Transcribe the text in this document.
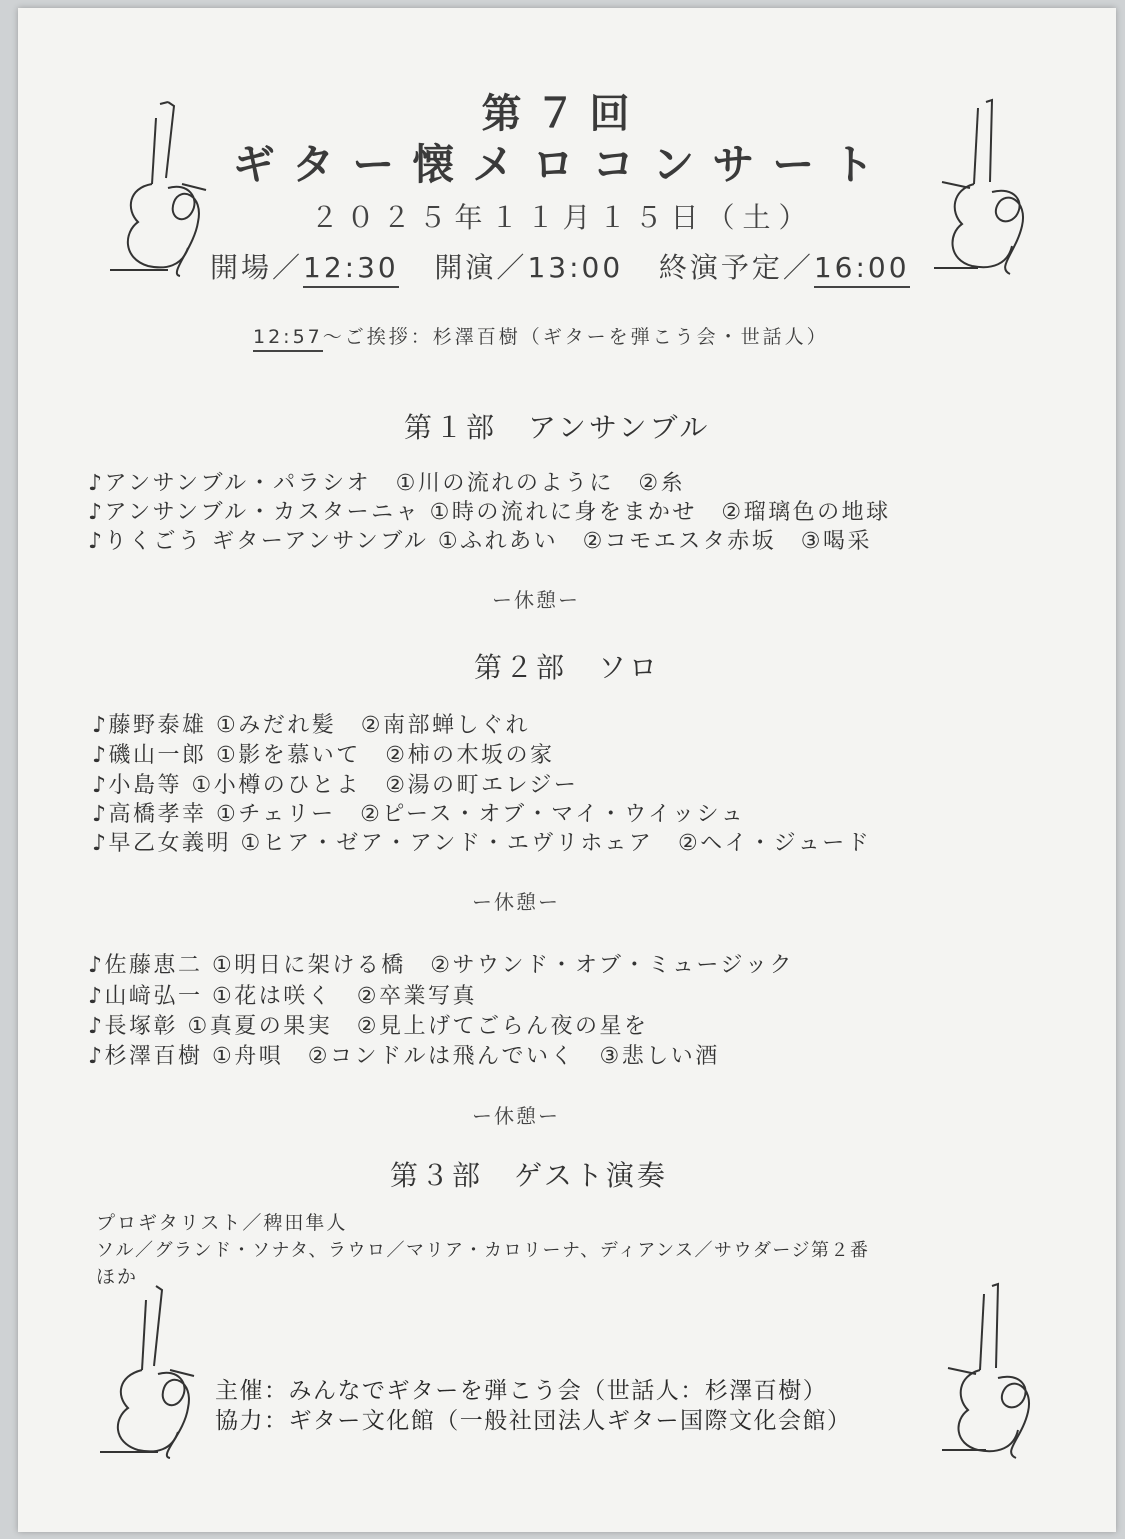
第７回
ギター懐メロコンサート
２０２５年１１月１５日（土）
開場／12:30 開演／13:00 終演予定／16:00
12:57～ご挨拶：杉澤百樹（ギターを弾こう会・世話人）
第１部　アンサンブル
♪アンサンブル・パラシオ　①川の流れのように　②糸
♪アンサンブル・カスターニャ ①時の流れに身をまかせ　②瑠璃色の地球
♪りくごう ギターアンサンブル ①ふれあい　②コモエスタ赤坂　③喝采
ー休憩ー
第２部　ソロ
♪藤野泰雄 ①みだれ髪　②南部蝉しぐれ
♪磯山一郎 ①影を慕いて　②柿の木坂の家
♪小島等 ①小樽のひとよ　②湯の町エレジー
♪高橋孝幸 ①チェリー　②ピース・オブ・マイ・ウイッシュ
♪早乙女義明 ①ヒア・ゼア・アンド・エヴリホェア　②ヘイ・ジュード
ー休憩ー
♪佐藤恵二 ①明日に架ける橋　②サウンド・オブ・ミュージック
♪山﨑弘一 ①花は咲く　②卒業写真
♪長塚彰 ①真夏の果実　②見上げてごらん夜の星を
♪杉澤百樹 ①舟唄　②コンドルは飛んでいく　③悲しい酒
ー休憩ー
第３部　ゲスト演奏
プロギタリスト／稗田隼人
ソル／グランド・ソナタ、ラウロ／マリア・カロリーナ、ディアンス／サウダージ第２番
ほか
主催：みんなでギターを弾こう会（世話人：杉澤百樹）
協力：ギター文化館（一般社団法人ギター国際文化会館）
